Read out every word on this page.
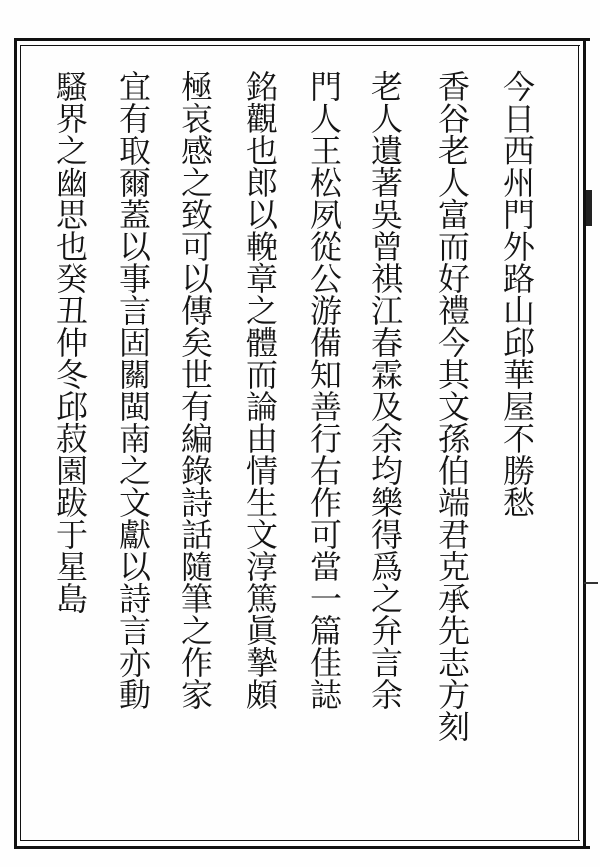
今日西州門外路山邱華屋不勝愁
香谷老人富而好禮今其文孫伯端君克承先志方刻
老人遺著吳曾祺江春霖及余均樂得爲之弁言余
門人王松夙從公游備知善行右作可當一篇佳誌
銘觀也郎以輓章之體而論由情生文淳篤眞摯頗
極哀感之致可以傳矣世有編錄詩話隨筆之作家
宜有取爾蓋以事言固關閩南之文獻以詩言亦動
騷界之幽思也癸丑仲冬邱菽園跋于星島
